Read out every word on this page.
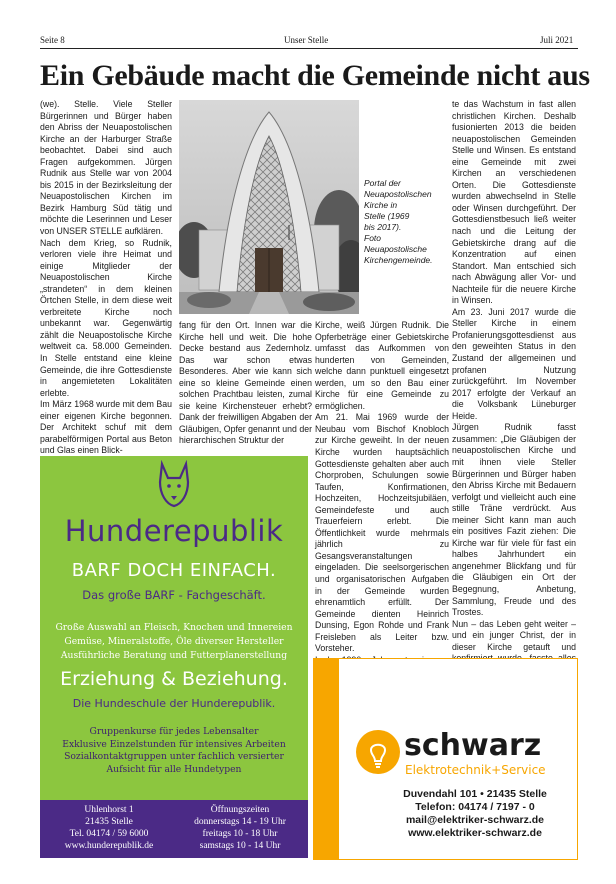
Seite 8	Unser Stelle	Juli 2021
Ein Gebäude macht die Gemeinde nicht aus

(we). Stelle. Viele Steller Bürgerinnen und Bürger haben den Abriss der Neuapostolischen Kirche an der Harburger Straße beobachtet. Dabei sind auch Fragen aufgekommen. Jürgen Rudnik aus Stelle war von 2004 bis 2015 in der Bezirksleitung der Neuapostolischen Kirchen im Bezirk Hamburg Süd tätig und möchte die Leserinnen und Leser von UNSER STELLE aufklären.

Nach dem Krieg, so Rudnik, verloren viele ihre Heimat und einige Mitglieder der Neuapostolischen Kirche „strandeten“ in dem kleinen Örtchen Stelle, in dem diese weit verbreitete Kirche noch unbekannt war. Gegenwärtig zählt die Neuapostolische Kirche weltweit ca. 58.000 Gemeinden. In Stelle entstand eine kleine Gemeinde, die ihre Gottesdienste in angemieteten Lokalitäten erlebte.

Im März 1968 wurde mit dem Bau einer eigenen Kirche begonnen. Der Architekt schuf mit dem parabelförmigen Portal aus Beton und Glas einen Blick-

Portal der Neuapostolischen Kirche in Stelle (1969 bis 2017). Foto Neuapostolische Kirchengemeinde.

fang für den Ort. Innen war die Kirche hell und weit. Die hohe Decke bestand aus Zedernholz. Das war schon etwas Besonderes. Aber wie kann sich eine so kleine Gemeinde einen solchen Prachtbau leisten, zumal sie keine Kirchensteuer erhebt? Dank der freiwilligen Abgaben der Gläubigen, Opfer genannt und der hierarchischen Struktur der

Kirche, weiß Jürgen Rudnik. Die Opferbeträge einer Gebietskirche umfasst das Aufkommen von hunderten von Gemeinden, welche dann punktuell eingesetzt werden, um so den Bau einer Kirche für eine Gemeinde zu ermöglichen.

Am 21. Mai 1969 wurde der Neubau vom Bischof Knobloch zur Kirche geweiht. In der neuen Kirche wurden hauptsächlich Gottesdienste gehalten aber auch Chorproben, Schulungen sowie Taufen, Konfirmationen, Hochzeiten, Hochzeitsjubiläen, Gemeindefeste und auch Trauerfeiern erlebt. Die Öffentlichkeit wurde mehrmals jährlich zu Gesangsveranstaltungen eingeladen. Die seelsorgerischen und organisatorischen Aufgaben in der Gemeinde wurden ehrenamtlich erfüllt. Der Gemeinde dienten Heinrich Dunsing, Egon Rohde und Frank Freisleben als Leiter bzw. Vorsteher.

te das Wachstum in fast allen christlichen Kirchen. Deshalb fusionierten 2013 die beiden neuapostolischen Gemeinden Stelle und Winsen. Es entstand eine Gemeinde mit zwei Kirchen an verschiedenen Orten. Die Gottesdienste wurden abwechselnd in Stelle oder Winsen durchgeführt. Der Gottesdienstbesuch ließ weiter nach und die Leitung der Gebietskirche drang auf die Konzentration auf einen Standort. Man entschied sich nach Abwägung aller Vor- und Nachteile für die neuere Kirche in Winsen.

Am 23. Juni 2017 wurde die Steller Kirche in einem Profanierungsgottesdienst aus den geweihten Status in den Zustand der allgemeinen und profanen Nutzung zurückgeführt. Im November 2017 erfolgte der Verkauf an die Volksbank Lüneburger Heide.

Jürgen Rudnik fasst zusammen: „Die Gläubigen der neuapostolischen Kirche und mit ihnen viele Steller Bürgerinnen und Bürger haben den Abriss Kirche mit Bedauern verfolgt und vielleicht auch eine stille Träne verdrückt. Aus meiner Sicht kann man auch ein positives Fazit ziehen: Die Kirche war für viele für fast ein halbes Jahrhundert ein angenehmer Blickfang und für die Gläubigen ein Ort der Begegnung, Anbetung, Sammlung, Freude und des Trostes.

Nun – das Leben geht weiter – und ein junger Christ, der in dieser Kirche getauft und

Hunderepublik
BARF DOCH EINFACH.
Das große BARF - Fachgeschäft.
Große Auswahl an Fleisch, Knochen und Innereien
Gemüse, Mineralstoffe, Öle diverser Hersteller
Ausführliche Beratung und Futterplanerstellung
Erziehung & Beziehung.
Die Hundeschule der Hunderepublik.
Gruppenkurse für jedes Lebensalter
Exklusive Einzelstunden für intensives Arbeiten
Sozialkontaktgruppen unter fachlich versierter
Aufsicht für alle Hundetypen
Uhlenhorst 1
21435 Stelle
Tel. 04174 / 59 6000
www.hunderepublik.de
Öffnungszeiten
donnerstags 14 - 19 Uhr
freitags 10 - 18 Uhr
samstags 10 - 14 Uhr
schwarz
Elektrotechnik+Service
Duvendahl 101 • 21435 Stelle
Telefon: 04174 / 7197 - 0
mail@elektriker-schwarz.de
www.elektriker-schwarz.de
